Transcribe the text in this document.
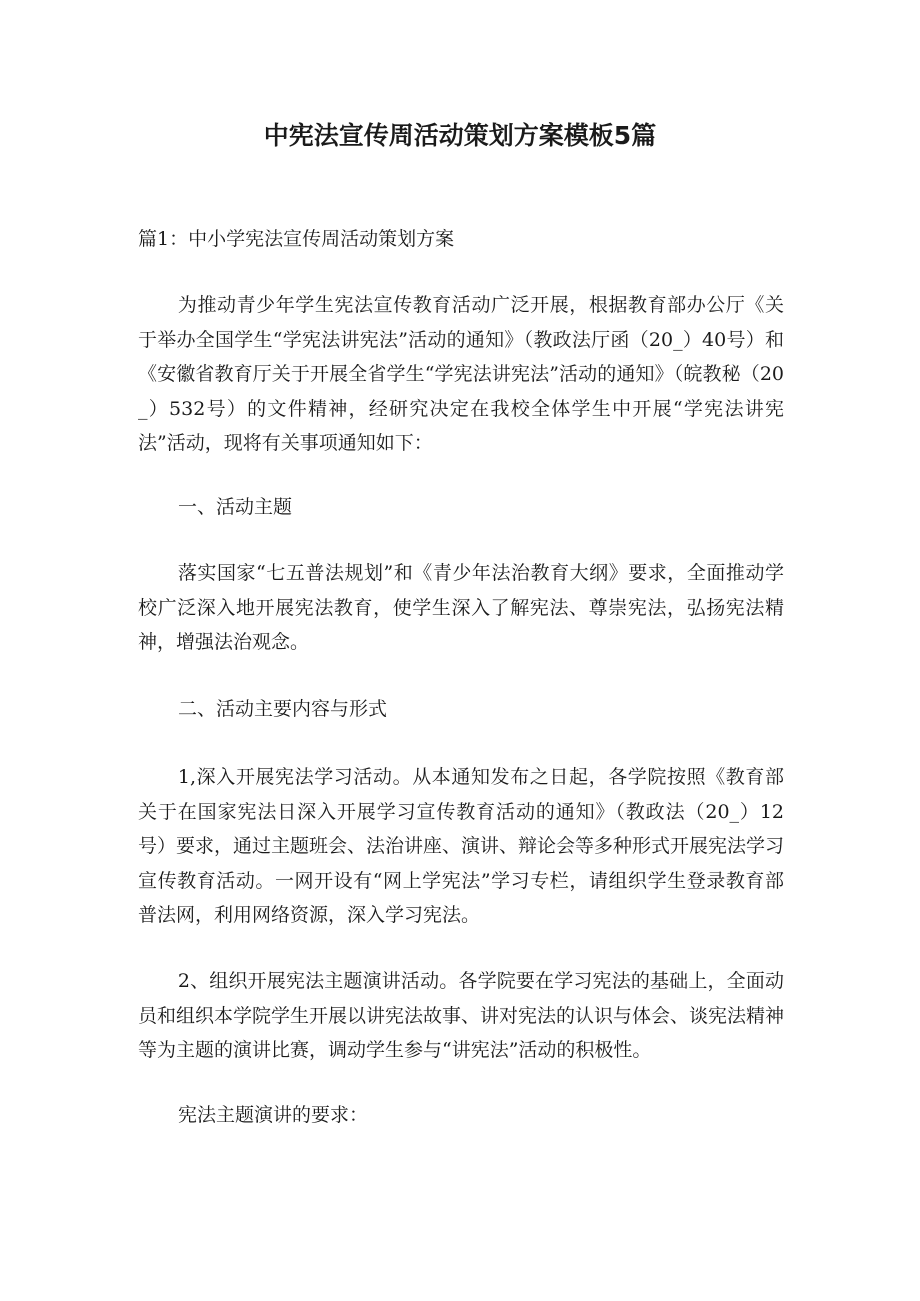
中宪法宣传周活动策划方案模板5篇

篇1：中小学宪法宣传周活动策划方案

为推动青少年学生宪法宣传教育活动广泛开展，根据教育部办公厅《关于举办全国学生“学宪法讲宪法”活动的通知》（教政法厅函（20_）40号）和《安徽省教育厅关于开展全省学生“学宪法讲宪法”活动的通知》（皖教秘（20_）532号）的文件精神，经研究决定在我校全体学生中开展“学宪法讲宪法”活动，现将有关事项通知如下：

一、活动主题

落实国家“七五普法规划”和《青少年法治教育大纲》要求，全面推动学校广泛深入地开展宪法教育，使学生深入了解宪法、尊崇宪法，弘扬宪法精神，增强法治观念。

二、活动主要内容与形式

1,深入开展宪法学习活动。从本通知发布之日起，各学院按照《教育部关于在国家宪法日深入开展学习宣传教育活动的通知》（教政法（20_）12号）要求，通过主题班会、法治讲座、演讲、辩论会等多种形式开展宪法学习宣传教育活动。一网开设有“网上学宪法”学习专栏，请组织学生登录教育部普法网，利用网络资源，深入学习宪法。

2、组织开展宪法主题演讲活动。各学院要在学习宪法的基础上，全面动员和组织本学院学生开展以讲宪法故事、讲对宪法的认识与体会、谈宪法精神等为主题的演讲比赛，调动学生参与“讲宪法”活动的积极性。

宪法主题演讲的要求：
